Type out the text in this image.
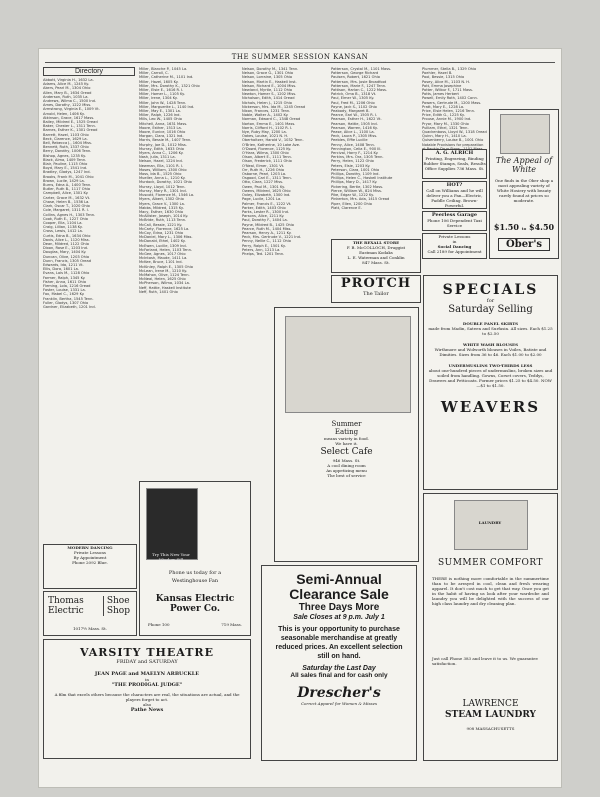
THE SUMMER SESSION KANSAN
Directory
Abbott, Virginia H., 1632 La.
Adams, Alice M., 1245 Ky.
Akers, Pearl M., 1304 Ohio
Allen, Mary B., 1634 Oread
Anderson, Ruth, 1035 La.
Andrews, Wilma C., 1500 Ind.
Ames, Dorothy, 1222 Miss.
Armstrong, Virginia E., 1009 Vt.
Arnold, Helen, 1406 Ky.
Atkinson, Grace, 1617 Mass.
Bailey, Mildred E., 1525 Oread
Baker, Chester L., 1311 Tenn.
Barnes, Esther K., 1301 Oread
Barrett, Hazel, 1103 Ohio
Beck, Clarence, 1629 La.
Bell, Rebecca J., 1604 Miss.
Bennett, Ruth, 1337 Ohio
Berry, Dorothy, 1006 Tenn.
Bishop, Agnes, 1235 Ky.
Black, Alma, 1409 Tenn.
Blair, Pauline, 1115 Ohio
Boyd, Mary E., 1541 Ind.
Bradley, Gladys, 1247 Ind.
Brooks, Frank M., 1041 Ohio
Brown, Lucile, 1429 La.
Burns, Edna A., 1400 Tenn.
Butler, Ruth B., 1117 Ohio
Campbell, Alice, 1301 Ky.
Carter, Grace M., 1632 Vt.
Chase, Helen B., 1536 La.
Clark, Oscar T., 1020 Ohio
Cole, Margaret, 1311 R. I.
Collins, Agnes H., 1303 Tenn.
Cook, Ruth E., 1227 Ohio
Cooper, Ella, 1104 La.
Craig, Lillian, 1138 Ky.
Cross, Lewis, 1412 La.
Curtis, Edna B., 1634 Ohio
Davis, Alice L., 1120 Miss.
Dean, Mildred, 1122 Ohio
Dixon, Rose E., 1203 Ind.
Douglas, Mary, 1404 Ky.
Duncan, Olive, 1203 Ohio
Dunn, Francis, 1305 Oread
Edwards, Ida, 1211 Vt.
Ellis, Dora, 1601 La.
Evans, Lois M., 1128 Ohio
Farmer, Ralph, 1345 Ky.
Fisher, Anna, 1611 Ohio
Fleming, Lola, 1216 Oread
Foster, Louise, 1331 La.
Fox, Mabel C., 1629 Ky.
Franklin, Bertha, 1545 Tenn.
Fuller, Gladys, 1307 Ohio
Gardner, Elizabeth, 1201 Ind.
Miller, Blanche P., 1045 La.
Miller, Carroll, C.
Miller, Catherine M., 1101 Ind.
Miller, Hazel, 1605 Ky.
Miller, Mrs. Dorothy K., 1321 Ohio
Miller, Elsie E., 1616 R. I.
Miller, Homer L., 1105 Ky.
Miller, Irene, 1304 Ky.
Miller, John W., 1428 Tenn.
Miller, Marguerite L., 1140 Ind.
Miller, May E., 1301 La.
Miller, Ralph, 1226 Ind.
Mills, Leo W., 1405 Ohio
Mitchell, Anna, 1631 Mass.
Moore, Esther, 1513 La.
Moore, Eunice, 1016 Ohio
Morgan, Clara, 1321 Ind.
Morris, Bessie M., 1407 Tenn.
Murphy, Joe D., 1012 Miss.
Murray, Edith, 1633 Ohio
Myers, Anna C., 1206 Ky.
Nash, Julia, 1311 La.
Nelson, Hazel, 1224 Ind.
Newman, Ella, 1101 R. I.
Moses, William, 1300 Ohio
Moss, Ida B., 1525 Ohio
Mueller, Anna L., 1210 Ky.
Murdock, Dorothy, 1021 Ohio
Murray, Lloyd, 1012 Tenn.
Murray, Mary R., 1301 Ind.
Muscott, Florence M., 1546 La.
Myers, Albert, 1302 Ohio
Myers, Grace V., 1300 La.
Mabbs, Mildred, 1315 Ky.
Macy, Esther, 1630 Ohio
McAllister, Joseph, 1014 Ky.
McBride, Ruth, 1113 Tenn.
McCall, Bessie, 1221 Ky.
McCarty, Florence, 1625 La.
McCoy, Edna, 1231 Ohio
McDaniel, Mary L., 1306 Miss.
McDonald, Ethel, 1402 Ky.
McEwen, Lucille, 1309 Ind.
McFarland, Helen, 1103 Tenn.
McGee, Agnes, 1017 Ohio
McIntosh, Maude, 1411 La.
McKee, Bruce, 1101 Ind.
McKinley, Ralph E., 1305 Ohio
McLean, Irene M., 1210 Ky.
McMahon, Olive, 1124 Tenn.
McNeal, Helen, 1625 Ohio
McPherson, Wilma, 1034 La.
Neff, Hattie, Haskell Institute
Neff, Ruth, 1401 Ohio
Nelson, Dorothy M., 1341 Tenn.
Nelson, Grace G., 1301 Ohio
Nelson, Lorraine, 1305 Ohio
Nelson, Martin E., Haskell Inst.
Nelson, Richard E., 1004 Miss.
Newland, Myrtle, 1112 Ohio
Newton, Homer S., 1202 Miss.
Nicholson, Edith, 1414 Oread
Nichols, Helen J., 1215 Ohio
Nickerson, Mrs. Ida M., 1245 Oread
Nixon, Frances, 1231 Tenn.
Noble, Walter A., 1402 Ky.
Norman, Edward C., 1348 Oread
Norton, Emma E., 1401 Mass.
Norris, Clifford H., 1102 R. I.
Nye, Ruby May, 1200 La.
Oakes, Louise, 1021 N. H.
Oberholtzer, Harold V., 1032 Tenn.
O'Brien, Katherine, 10 Lake Ave.
O'Dowd, Florence, 1125 Ky.
O'Hara, Wilma, 1300 Ohio
Olson, Albert E., 1111 Tenn.
Olson, Frederick, 1111 Ohio
O'Neal, Elmer, 1301 Vt.
Orr, Ruth H., 1226 Ohio
Osborne, Pearl, 1203 La.
Osgood, Carl E., 1311 Tenn.
Otto, Clara, 1227 Miss.
Owen, Paul M., 1301 Ky.
Owens, Mildred, 1625 Ohio
Oxley, Elizabeth, 1300 Ind.
Page, Lucile, 1201 La.
Palmer, Francis E., 1222 Vt.
Parker, Edith, 1403 Ohio
Parks, Lester R., 1300 Ind.
Parsons, Alice, 1211 Ky.
Paul, Dorothy F., 1404 La.
Payne, Mildred B., 1425 Ohio
Pearce, Ruth M., 1404 Miss.
Pearson, Henry A., 1211 Ky.
Peck, Mrs. Gertrude V., 1221 Ind.
Penny, Nellie C., 1112 Ohio
Perry, Ralph E., 1501 Ky.
Peters, Ann, 1213 La.
Phelps, Ted. 1201 Tenn.
Patterson, Crystal M., 1101 Mass.
Patterson, George Richard
Paulsen, Robert, 1621 Ohio
Patterson, Mrs. Josie Broadfoot
Patterson, Marie F., 1247 Tenn.
Pattison, Harlan C., 1222 Mass.
Patrick, Oma B., 1318 Vt.
Paul, Elmer W., 1305 Ky.
Paul, Fred M., 1206 Ohio
Payne, Jack S., 1102 Ohio
Peabody, Margaret B.
Pearce, Earl W., 1505 R. I.
Pearson, Esther H., 1622 Vt.
Pearson, Hattie, 1505 Ind.
Pearson, Warren, 1416 Ky.
Pease, Alice L., 1100 La.
Peck, Laura P., 1305 Miss.
Peebles, Effie Lucille
Penny, Alice, 1408 Tenn.
Pennington, Celia E., 900 Ill.
Percival, Harry F., 1214 Ky.
Perkins, Mrs. Ora, 1305 Tenn.
Perry, Helen, 1122 Ohio
Peters, Elsie, 1203 Ky.
Peterson, Clara, 1001 Ohio
Phillips, Dorothy, 1109 Ind.
Phillips, Helen C., Haskell Institute
Phillips, Mary D., 1417 Ky.
Pickering, Bertie, 1302 Mass.
Pierce, William W., 824 Miss.
Pike, Edgar W., 1222 Ky.
Pinkerton, Mrs. Ada, 1415 Oread
Piper, Ellen, 1200 Ohio
Platt, Clarence E.
Plummer, Stella B., 1329 Ohio
Poehler, Hazel B.
Pool, Bessie, 1315 Ohio
Posey, Alice M., 1103 N. H.
Pott, Emma Josephine
Potter, Wilbur F., 1711 Mass.
Potts, James Herbert
Powell, Emily Roth, 1402 Conn.
Powers, Gertrude M., 1200 Mass.
Pratt, Mary E., 1228 La.
Price, Elsie Helen, 1216 Tenn.
Price, Edith G., 1225 Ky.
Prouse, Annie M., 1900 Ind.
Pryor, Mary M., 1330 Ohio
Pulliam, Ethel, 1321 Tenn.
Quackenboss, Lloyd W., 1318 Oread
Quinn, Mary H., 1410 La.
Quisenberry, Louise B., 1001 Ohio
Notable Provisions for preparation
The Appeal of White
One finds in the Ober shop a most appealing variety of White Hosiery with beauty rarely found at prices so moderate.
$1.50 to $4.50
Ober's
A. G. ALRICH
Printing, Engraving, Binding Rubber Stamps, Seals, Results Office Supplies 736 Mass. St.
HOT?
Call on Williams and he will deliver you a Fan—Electric, Paddle Ceiling. Brown-Powerful.
Peerless Garage
Phone 106 Dependent Taxi Service
Private Lessons
in
Social Dancing
Call 2189 for Appointment
THE REXALL STORE
F. B. McCOLLOCH, Druggist
Eastman Kodaks
L. E. Waterman and Conklin
847 Mass. St.
PROTCH
The Tailor	SPECIALS
for
Saturday Selling
DOUBLE PANEL SKIRTS
made from Madin, Sateen and Surfasin. All sizes. Each $1.25 to $2.50
WHITE WASH BLOUSES
Wirthmore and Wolworth blouses in Voiles, Batiste and Dimities. Sizes from 36 to 46. Each $1.00 to $2.00
UNDERMUSLINS TWO-THIRDS LESS
about one-hundred pieces of undermuslins, broken sizes and soiled from handling. Gowns, Corset covers, Teddys, Drawers and Petticoats. Former prices $1.25 to $4.50. NOW—$1 to $1.50.
WEAVERS
Summer
Eating
means variety in food.
We have it.
Select Cafe
946 Mass. St.
A cool dining room
An appetizing menu
The best of service
Try This New Your Window Sill
Phone us today for a
Westinghouse Fan
Kansas Electric Power Co.
Phone 100	719 Mass.
MODERN DANCING
Private Lessons
By Appointment
Phone 2092 Blue.
Thomas
Electric
Shoe
Shop
1017½ Mass. St.
VARSITY THEATRE
FRIDAY and SATURDAY
JEAN PAGE and MAELYN ARBUCKLE
in
"THE PRODIGAL JUDGE"
A film that excels others because the characters are real, the situations are actual, and the players forget to act.
also
Pathe News
Semi-Annual
Clearance Sale
Three Days More
Sale Closes at 9 p.m. July 1
This is your opportunity to purchase seasonable merchandise at greatly reduced prices. An excellent selection still on hand.
Saturday the Last Day
All sales final and for cash only
Drescher's
Correct Apparel for Women & Misses
LAUNDRY
SUMMER COMFORT
THERE is nothing more comfortable in the summertime than to be arrayed in cool, clean and fresh wearing apparel. It don't cost much to get that way. Once you get in the habit of having us look after your wardrobe and laundry you will be delighted with the success of our high class laundry and dry cleaning plan.
Just call Phone 383 and leave it to us. We guarantee satisfaction.
LAWRENCE
STEAM LAUNDRY
908 MASSACHUSETTS
